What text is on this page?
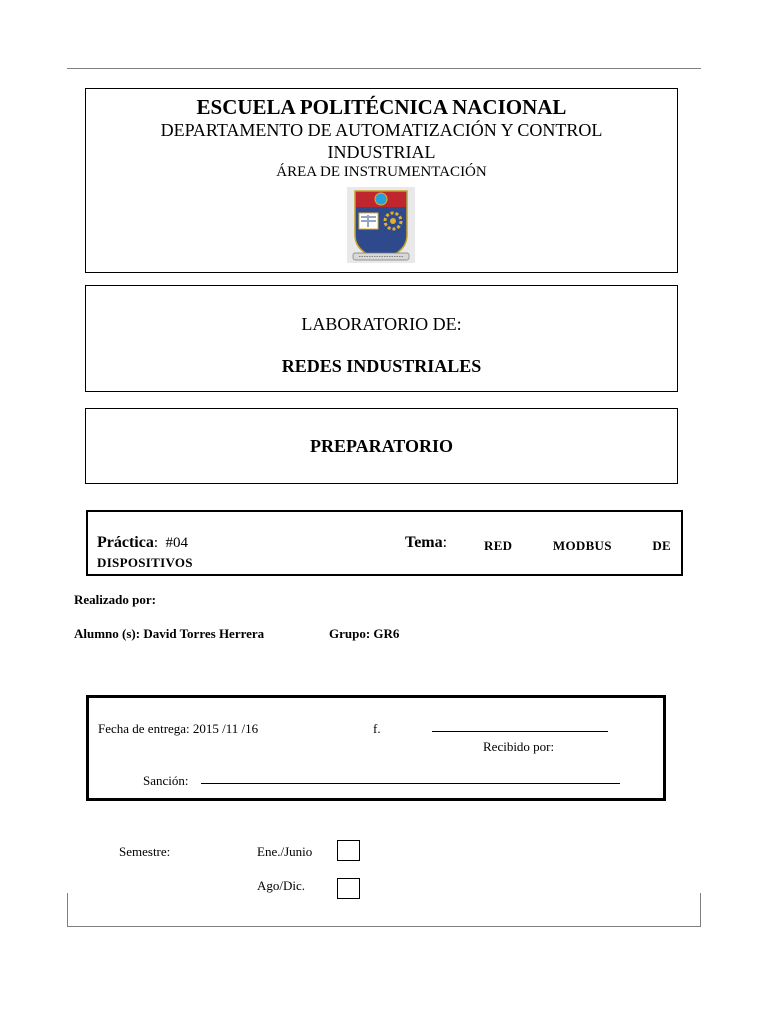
ESCUELA POLITÉCNICA NACIONAL
DEPARTAMENTO DE AUTOMATIZACIÓN Y CONTROL INDUSTRIAL
ÁREA DE INSTRUMENTACIÓN
LABORATORIO DE:
REDES INDUSTRIALES
PREPARATORIO
Práctica:  #04	Tema:	RED	MODBUS	DE
DISPOSITIVOS
Realizado por:
Alumno (s): David Torres Herrera	Grupo: GR6
Fecha de entrega: 2015 /11 /16	f.
Recibido por:
Sanción:
Semestre:	Ene./Junio
Ago/Dic.
